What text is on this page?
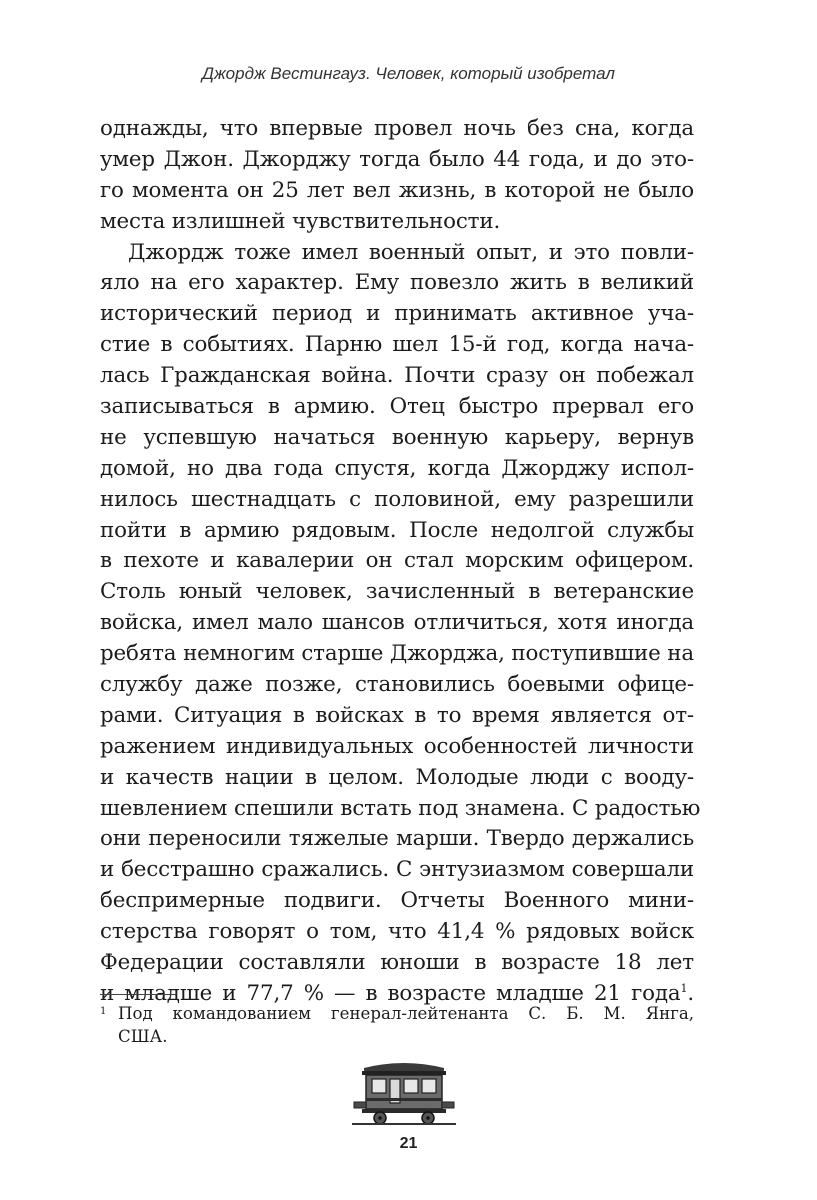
Джордж Вестингауз. Человек, который изобретал
однажды, что впервые провел ночь без сна, когда
умер Джон. Джорджу тогда было 44 года, и до это-
го момента он 25 лет вел жизнь, в которой не было
места излишней чувствительности.
Джордж тоже имел военный опыт, и это повли-
яло на его характер. Ему повезло жить в великий
исторический период и принимать активное уча-
стие в событиях. Парню шел 15-й год, когда нача-
лась Гражданская война. Почти сразу он побежал
записываться в армию. Отец быстро прервал его
не успевшую начаться военную карьеру, вернув
домой, но два года спустя, когда Джорджу испол-
нилось шестнадцать с половиной, ему разрешили
пойти в армию рядовым. После недолгой службы
в пехоте и кавалерии он стал морским офицером.
Столь юный человек, зачисленный в ветеранские
войска, имел мало шансов отличиться, хотя иногда
ребята немногим старше Джорджа, поступившие на
службу даже позже, становились боевыми офице-
рами. Ситуация в войсках в то время является от-
ражением индивидуальных особенностей личности
и качеств нации в целом. Молодые люди с вооду-
шевлением спешили встать под знамена. С радостью
они переносили тяжелые марши. Твердо держались
и бесстрашно сражались. С энтузиазмом совершали
беспримерные подвиги. Отчеты Военного мини-
стерства говорят о том, что 41,4 % рядовых войск
Федерации составляли юноши в возрасте 18 лет
и младше и 77,7 % — в возрасте младше 21 года$^1$.
1 Под командованием генерал-лейтенанта С. Б. М. Янга,
США.
21
